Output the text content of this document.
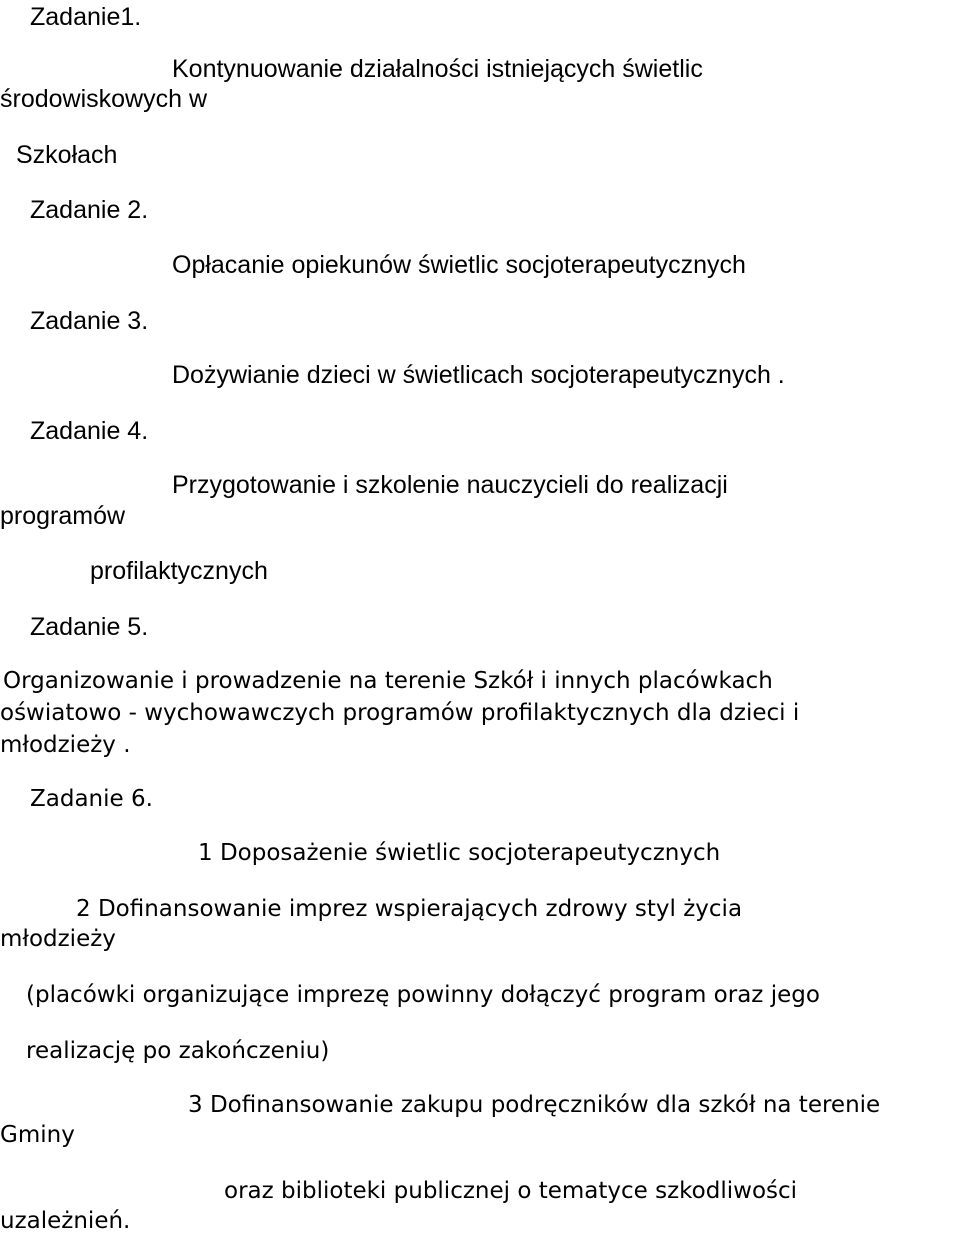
Zadanie1.

Kontynuowanie działalności istniejących świetlic

środowiskowych w

Szkołach

Zadanie 2.

Opłacanie opiekunów świetlic socjoterapeutycznych

Zadanie 3.

Dożywianie dzieci w świetlicach socjoterapeutycznych .

Zadanie 4.

Przygotowanie i szkolenie nauczycieli do realizacji

programów

profilaktycznych

Zadanie 5.

Organizowanie i prowadzenie na terenie Szkół i innych placówkach

oświatowo - wychowawczych programów profilaktycznych dla dzieci i

młodzieży .

Zadanie 6.

1 Doposażenie świetlic socjoterapeutycznych

2 Dofinansowanie imprez wspierających zdrowy styl życia

młodzieży

(placówki organizujące imprezę powinny dołączyć program oraz jego

realizację po zakończeniu)

3 Dofinansowanie zakupu podręczników dla szkół na terenie

Gminy

oraz biblioteki publicznej o tematyce szkodliwości

uzależnień.
